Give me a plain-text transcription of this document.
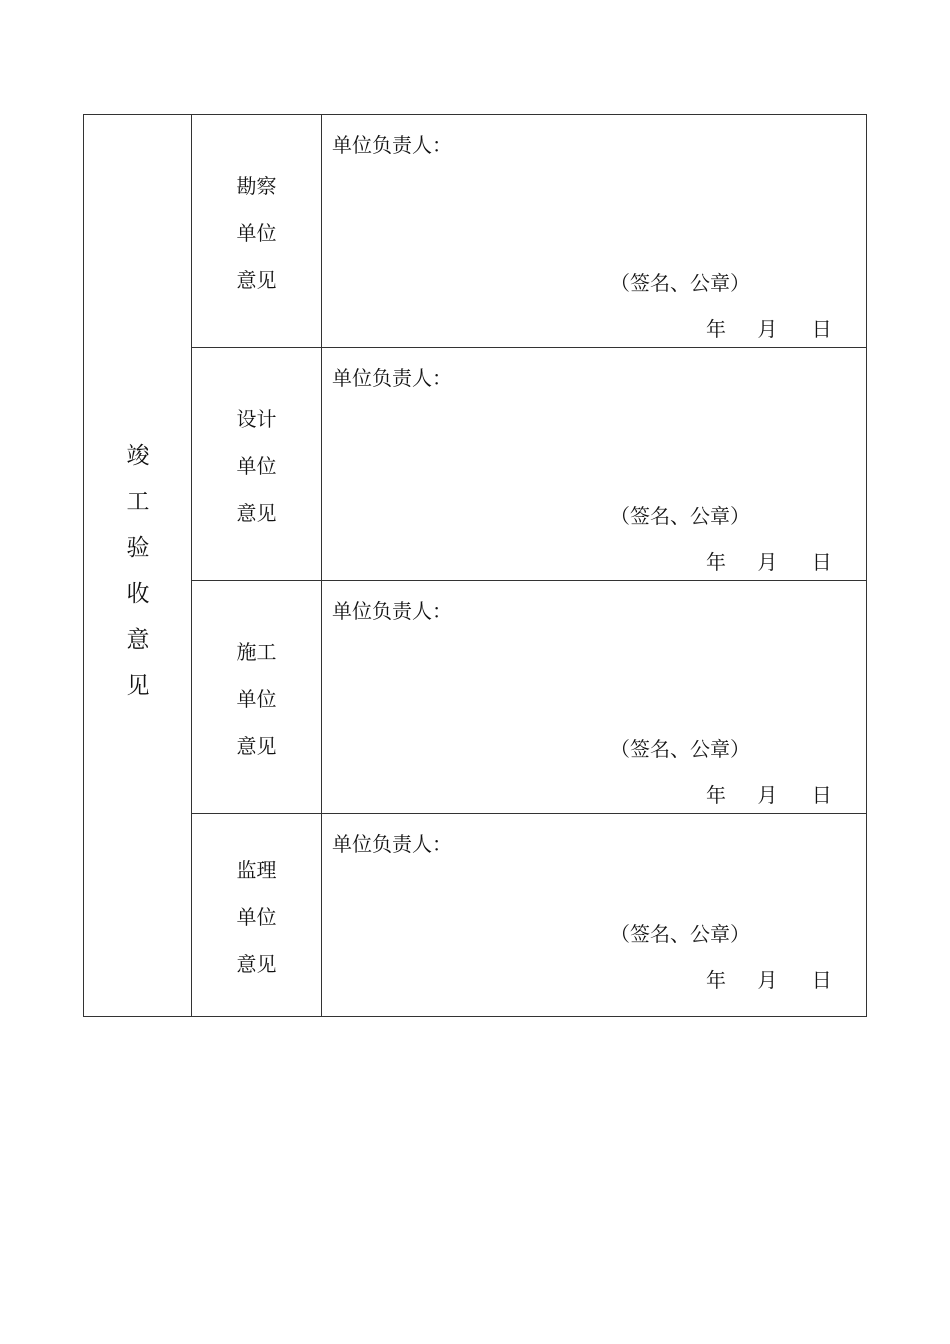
竣
工
验
收
意
见
勘察
单位
意见
单位负责人：
（签名、公章）
年 月 日
设计
单位
意见
单位负责人：
（签名、公章）
年 月 日
施工
单位
意见
单位负责人：
（签名、公章）
年 月 日
监理
单位
意见
单位负责人：
（签名、公章）
年 月 日
